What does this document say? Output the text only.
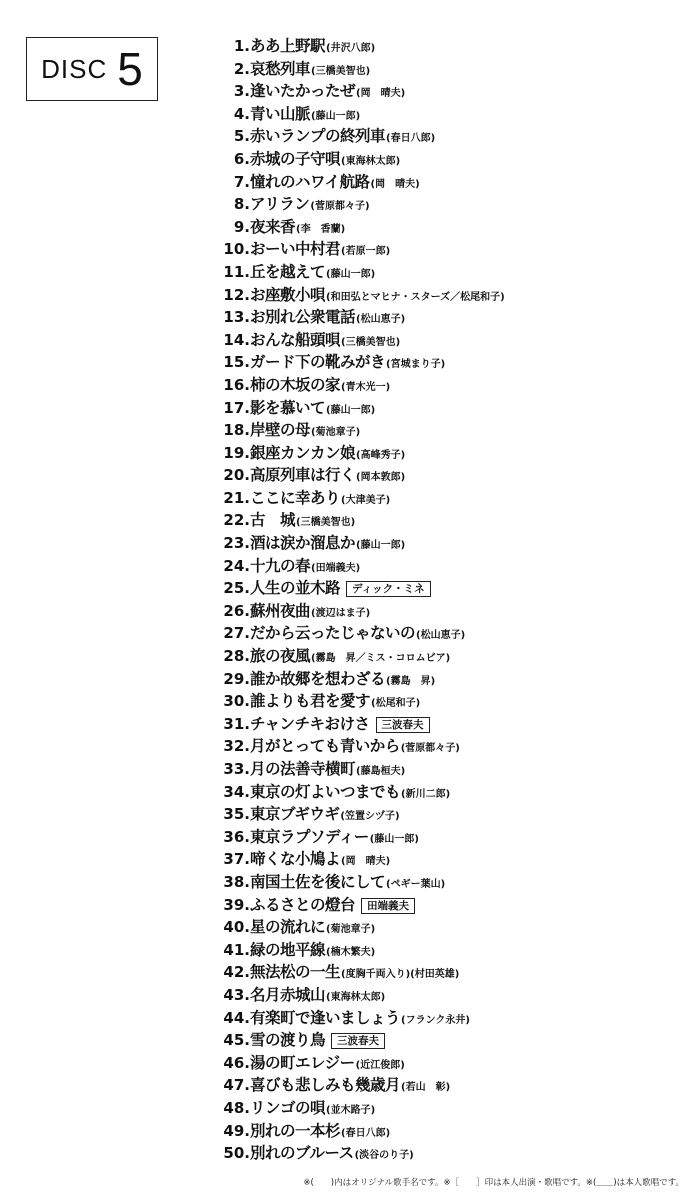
DISC 5	1. ああ上野駅 (井沢八郎)
2. 哀愁列車 (三橋美智也)
3. 逢いたかったぜ (岡　晴夫)
4. 青い山脈 (藤山一郎)
5. 赤いランプの終列車 (春日八郎)
6. 赤城の子守唄 (東海林太郎)
7. 憧れのハワイ航路 (岡　晴夫)
8. アリラン (菅原都々子)
9. 夜来香 (李　香蘭)
10. おーい中村君 (若原一郎)
11. 丘を越えて (藤山一郎)
12. お座敷小唄 (和田弘とマヒナ・スターズ／松尾和子)
13. お別れ公衆電話 (松山恵子)
14. おんな船頭唄 (三橋美智也)
15. ガード下の靴みがき (宮城まり子)
16. 柿の木坂の家 (青木光一)
17. 影を慕いて (藤山一郎)
18. 岸壁の母 (菊池章子)
19. 銀座カンカン娘 (高峰秀子)
20. 高原列車は行く (岡本敦郎)
21. ここに幸あり (大津美子)
22. 古　城 (三橋美智也)
23. 酒は涙か溜息か (藤山一郎)
24. 十九の春 (田端義夫)
25. 人生の並木路	ディック・ミネ
26. 蘇州夜曲 (渡辺はま子)
27. だから云ったじゃないの (松山恵子)
28. 旅の夜風 (霧島　昇／ミス・コロムビア)
29. 誰か故郷を想わざる (霧島　昇)
30. 誰よりも君を愛す (松尾和子)
31. チャンチキおけさ	三波春夫
32. 月がとっても青いから (菅原都々子)
33. 月の法善寺横町 (藤島桓夫)
34. 東京の灯よいつまでも (新川二郎)
35. 東京ブギウギ (笠置シヅ子)
36. 東京ラプソディー (藤山一郎)
37. 啼くな小鳩よ (岡　晴夫)
38. 南国土佐を後にして (ペギー葉山)
39. ふるさとの燈台	田端義夫
40. 星の流れに (菊池章子)
41. 緑の地平線 (楠木繁夫)
42. 無法松の一生 (度胸千両入り)(村田英雄)
43. 名月赤城山 (東海林太郎)
44. 有楽町で逢いましょう (フランク永井)
45. 雪の渡り鳥	三波春夫
46. 湯の町エレジー (近江俊郎)
47. 喜びも悲しみも幾歳月 (若山　彰)
48. リンゴの唄 (並木路子)
49. 別れの一本杉 (春日八郎)
50. 別れのブルース (淡谷のり子)
※(　　)内はオリジナル歌手名です。※［　　］印は本人出演・歌唱です。※(＿＿)は本人歌唱です。
